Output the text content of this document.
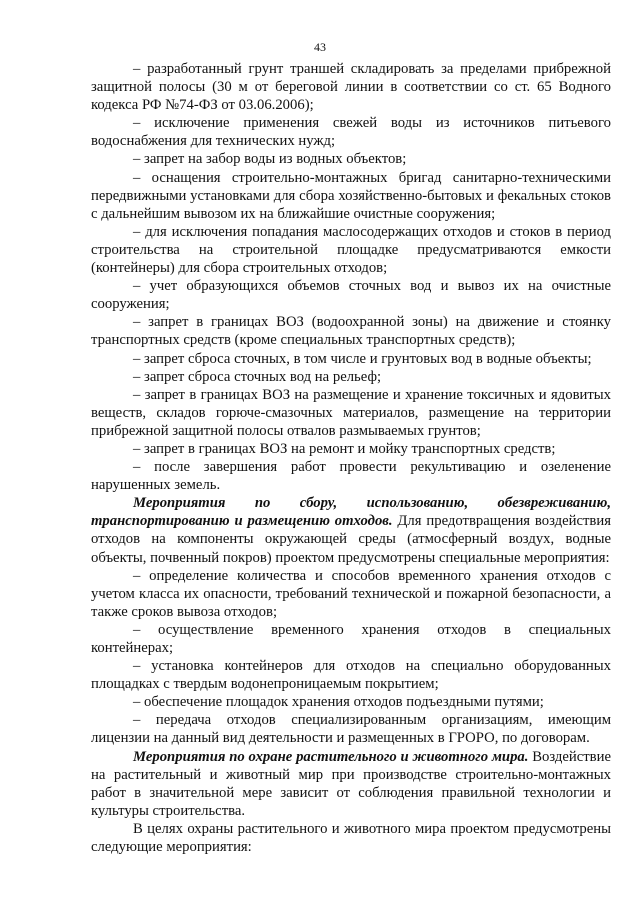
43

– разработанный грунт траншей складировать за пределами прибрежной защитной полосы (30 м от береговой линии в соответствии со ст. 65 Водного кодекса РФ №74-ФЗ от 03.06.2006);

– исключение применения свежей воды из источников питьевого водоснабжения для технических нужд;

– запрет на забор воды из водных объектов;

– оснащения строительно-монтажных бригад санитарно-техническими передвижными установками для сбора хозяйственно-бытовых и фекальных стоков с дальнейшим вывозом их на ближайшие очистные сооружения;

– для исключения попадания маслосодержащих отходов и стоков в период строительства на строительной площадке предусматриваются емкости (контейнеры) для сбора строительных отходов;

– учет образующихся объемов сточных вод и вывоз их на очистные сооружения;

– запрет в границах ВОЗ (водоохранной зоны) на движение и стоянку транспортных средств (кроме специальных транспортных средств);

– запрет сброса сточных, в том числе и грунтовых вод в водные объекты;

– запрет сброса сточных вод на рельеф;

– запрет в границах ВОЗ на размещение и хранение токсичных и ядовитых веществ, складов горюче-смазочных материалов, размещение на территории прибрежной защитной полосы отвалов размываемых грунтов;

– запрет в границах ВОЗ на ремонт и мойку транспортных средств;

– после завершения работ провести рекультивацию и озеленение нарушенных земель.

Мероприятия по сбору, использованию, обезвреживанию, транспортированию и размещению отходов. Для предотвращения воздействия отходов на компоненты окружающей среды (атмосферный воздух, водные объекты, почвенный покров) проектом предусмотрены специальные мероприятия:

– определение количества и способов временного хранения отходов с учетом класса их опасности, требований технической и пожарной безопасности, а также сроков вывоза отходов;

– осуществление временного хранения отходов в специальных контейнерах;

– установка контейнеров для отходов на специально оборудованных площадках с твердым водонепроницаемым покрытием;

– обеспечение площадок хранения отходов подъездными путями;

– передача отходов специализированным организациям, имеющим лицензии на данный вид деятельности и размещенных в ГРОРО, по договорам.

Мероприятия по охране растительного и животного мира. Воздействие на растительный и животный мир при производстве строительно-монтажных работ в значительной мере зависит от соблюдения правильной технологии и культуры строительства.

В целях охраны растительного и животного мира проектом предусмотрены следующие мероприятия:
